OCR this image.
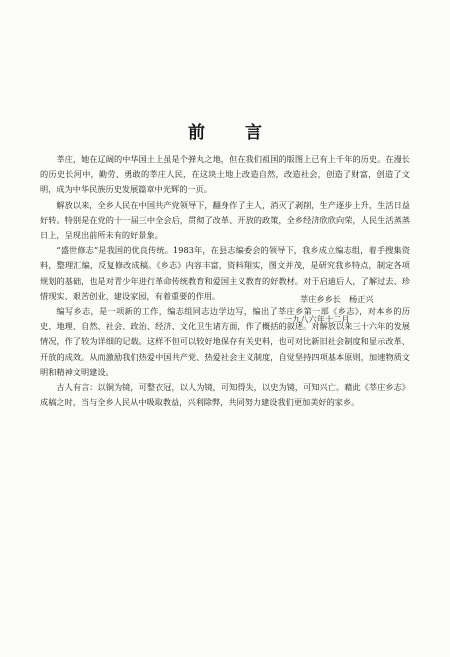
前 言

莘庄，她在辽阔的中华国土上虽是个弹丸之地，但在我们祖国的版图上已有上千年的历史。在漫长的历史长河中，勤劳、勇敢的莘庄人民，在这块土地上改造自然，改造社会，创造了财富，创造了文明，成为中华民族历史发展篇章中光辉的一页。

解放以来，全乡人民在中国共产党领导下，翻身作了主人，消灭了剥削，生产逐步上升，生活日益好转。特别是在党的十一届三中全会后，贯彻了改革、开放的政策，全乡经济欣欣向荣，人民生活蒸蒸日上，呈现出前所未有的好景象。

“盛世修志”是我国的优良传统。1983年，在县志编委会的领导下，我乡成立编志组，着手搜集资料，整理汇编，反复修改成稿。《乡志》内容丰富，资料翔实，图文并茂，是研究我乡特点，制定各项规划的基础，也是对青少年进行革命传统教育和爱国主义教育的好教材。对于启迪后人，了解过去、珍惜现实、艰苦创业、建设家园，有着重要的作用。

编写乡志，是一项新的工作，编志组同志边学边写，编出了莘庄乡第一部《乡志》，对本乡的历史、地理、自然、社会、政治、经济、文化卫生诸方面，作了概括的叙述。对解放以来三十六年的发展情况，作了较为详细的记载。这样不但可以较好地保存有关史料，也可对比新旧社会制度和显示改革、开放的成效。从而激励我们热爱中国共产党、热爱社会主义制度，自觉坚持四项基本原则，加速物质文明和精神文明建设。

古人有言：以铜为镜，可整衣冠，以人为镜，可知得失，以史为镜，可知兴亡。藉此《莘庄乡志》成稿之时，当与全乡人民从中吸取教益，兴利除弊，共同努力建设我们更加美好的家乡。

莘庄乡乡长 杨正兴
一九八六年十二月
